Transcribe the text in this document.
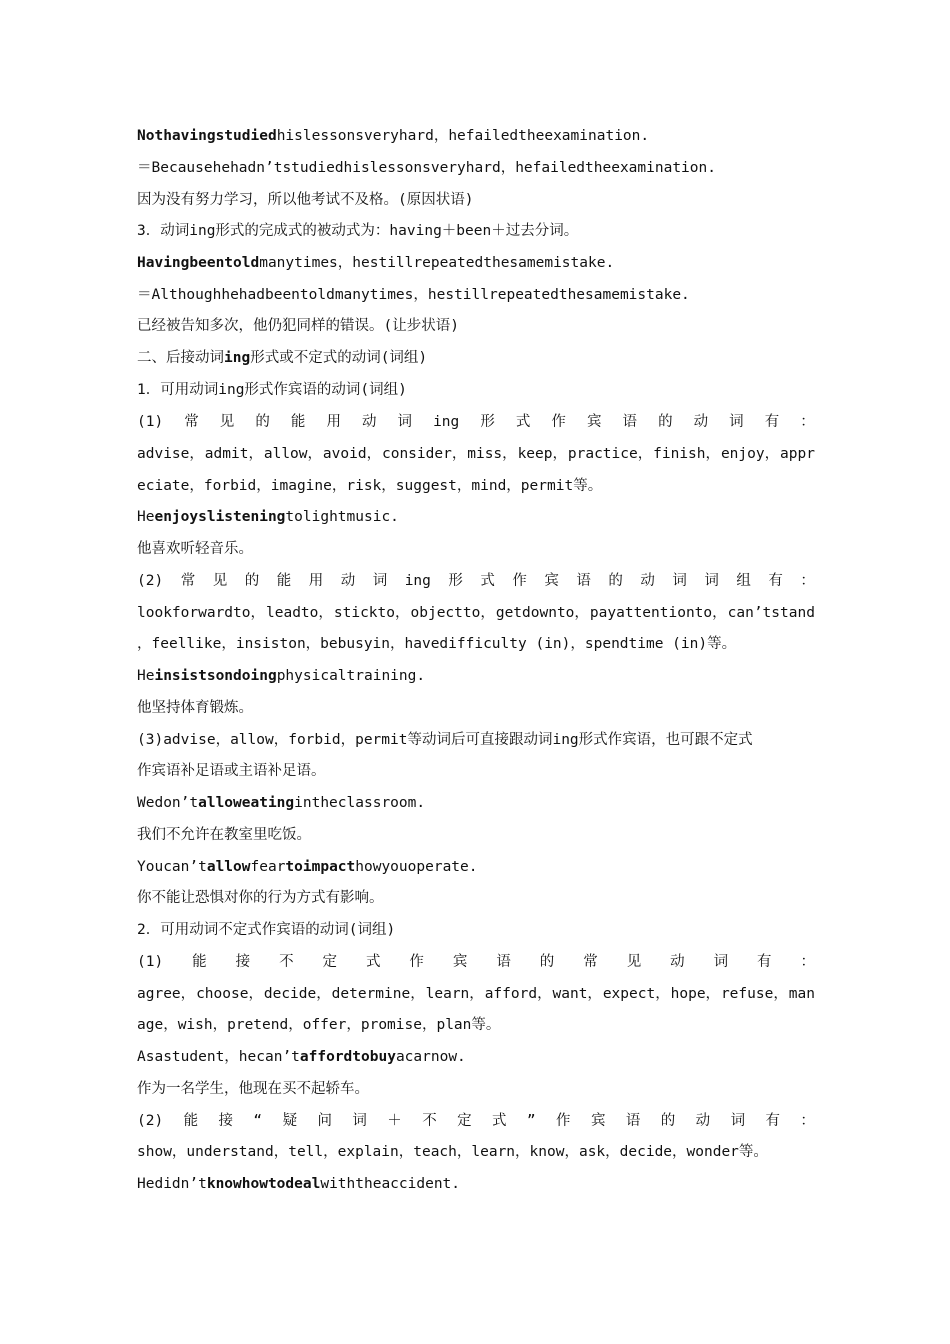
Nothavingstudiedhislessonsveryhard，hefailedtheexamination.
＝Becausehehadn’tstudiedhislessonsveryhard，hefailedtheexamination.
因为没有努力学习，所以他考试不及格。(原因状语)
3．动词ing形式的完成式的被动式为：having＋been＋过去分词。
Havingbeentoldmanytimes，hestillrepeatedthesamemistake.
＝Althoughhehadbeentoldmanytimes，hestillrepeatedthesamemistake.
已经被告知多次，他仍犯同样的错误。(让步状语)
二、后接动词ing形式或不定式的动词(词组)
1．可用动词ing形式作宾语的动词(词组)
(1) 常 见 的 能 用 动 词 ing 形 式 作 宾 语 的 动 词 有 ：
advise， admit， allow， avoid， consider， miss， keep， practice， finish， enjoy， appr
eciate，forbid，imagine，risk，suggest，mind，permit等。
Heenjoyslisteningtolightmusic.
他喜欢听轻音乐。
(2) 常 见 的 能 用 动 词 ing 形 式 作 宾 语 的 动 词 词 组 有 ：
lookforwardto， leadto， stickto， objectto， getdownto， payattentionto， can’tstand
，feellike，insiston，bebusyin，havedifficulty (in)，spendtime (in)等。
Heinsistsondoingphysicaltraining.
他坚持体育锻炼。
(3)advise，allow，forbid，permit等动词后可直接跟动词ing形式作宾语，也可跟不定式
作宾语补足语或主语补足语。
Wedon’talloweatingintheclassroom.
我们不允许在教室里吃饭。
Youcan’tallowfeartoimpacthowyouoperate.
你不能让恐惧对你的行为方式有影响。
2．可用动词不定式作宾语的动词(词组)
(1) 能 接 不 定 式 作 宾 语 的 常 见 动 词 有 ：
agree， choose， decide， determine， learn， afford， want， expect， hope， refuse， man
age，wish，pretend，offer，promise，plan等。
Asastudent，hecan’taffordtobuyacarnow.
作为一名学生，他现在买不起轿车。
(2) 能 接 “ 疑 问 词 ＋ 不 定 式 ” 作 宾 语 的 动 词 有 ：
show，understand，tell，explain，teach，learn，know，ask，decide，wonder等。
Hedidn’tknowhowtodealwiththeaccident.
